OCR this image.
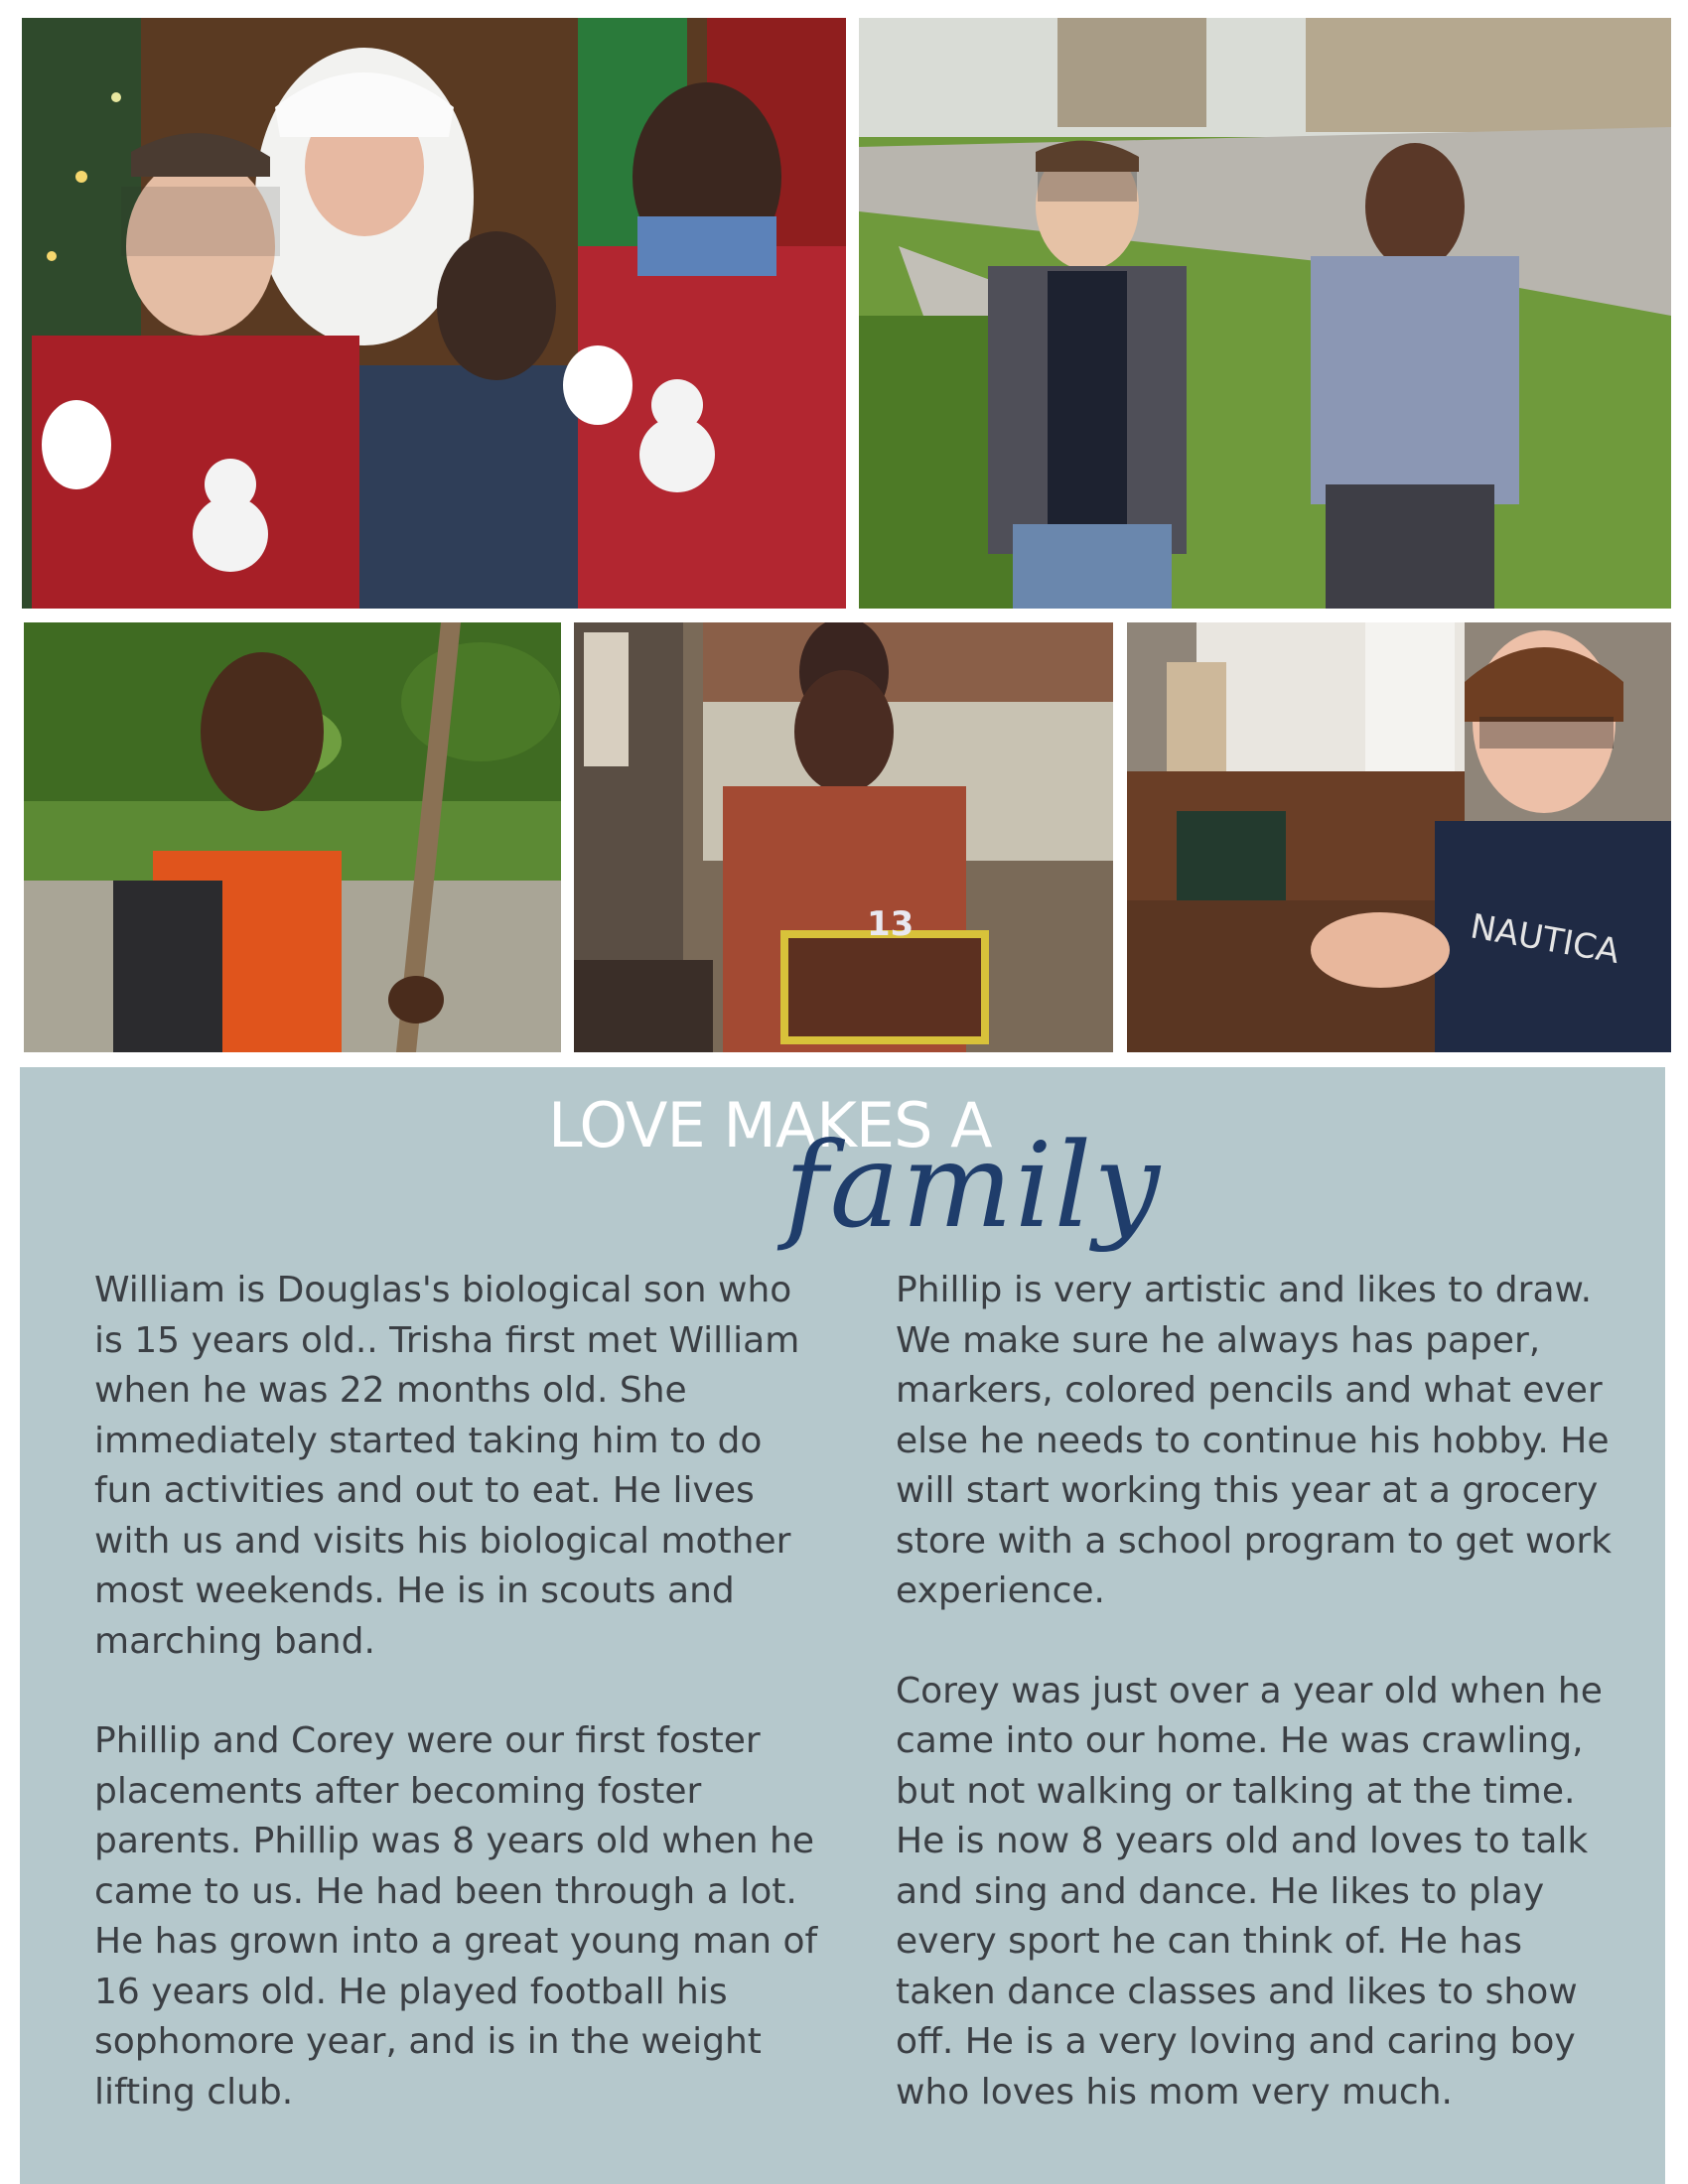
13	NAUTICA
LOVE MAKES A
family

William is Douglas's biological son who is 15 years old.. Trisha first met William when he was 22 months old. She immediately started taking him to do fun activities and out to eat. He lives with us and visits his biological mother most weekends. He is in scouts and marching band.

Phillip and Corey were our first foster placements after becoming foster parents. Phillip was 8 years old when he came to us. He had been through a lot. He has grown into a great young man of 16 years old. He played football his sophomore year, and is in the weight lifting club.

Phillip is very artistic and likes to draw. We make sure he always has paper, markers, colored pencils and what ever else he needs to continue his hobby. He will start working this year at a grocery store with a school program to get work experience.

Corey was just over a year old when he came into our home. He was crawling, but not walking or talking at the time. He is now 8 years old and loves to talk and sing and dance. He likes to play every sport he can think of. He has taken dance classes and likes to show off. He is a very loving and caring boy who loves his mom very much.
